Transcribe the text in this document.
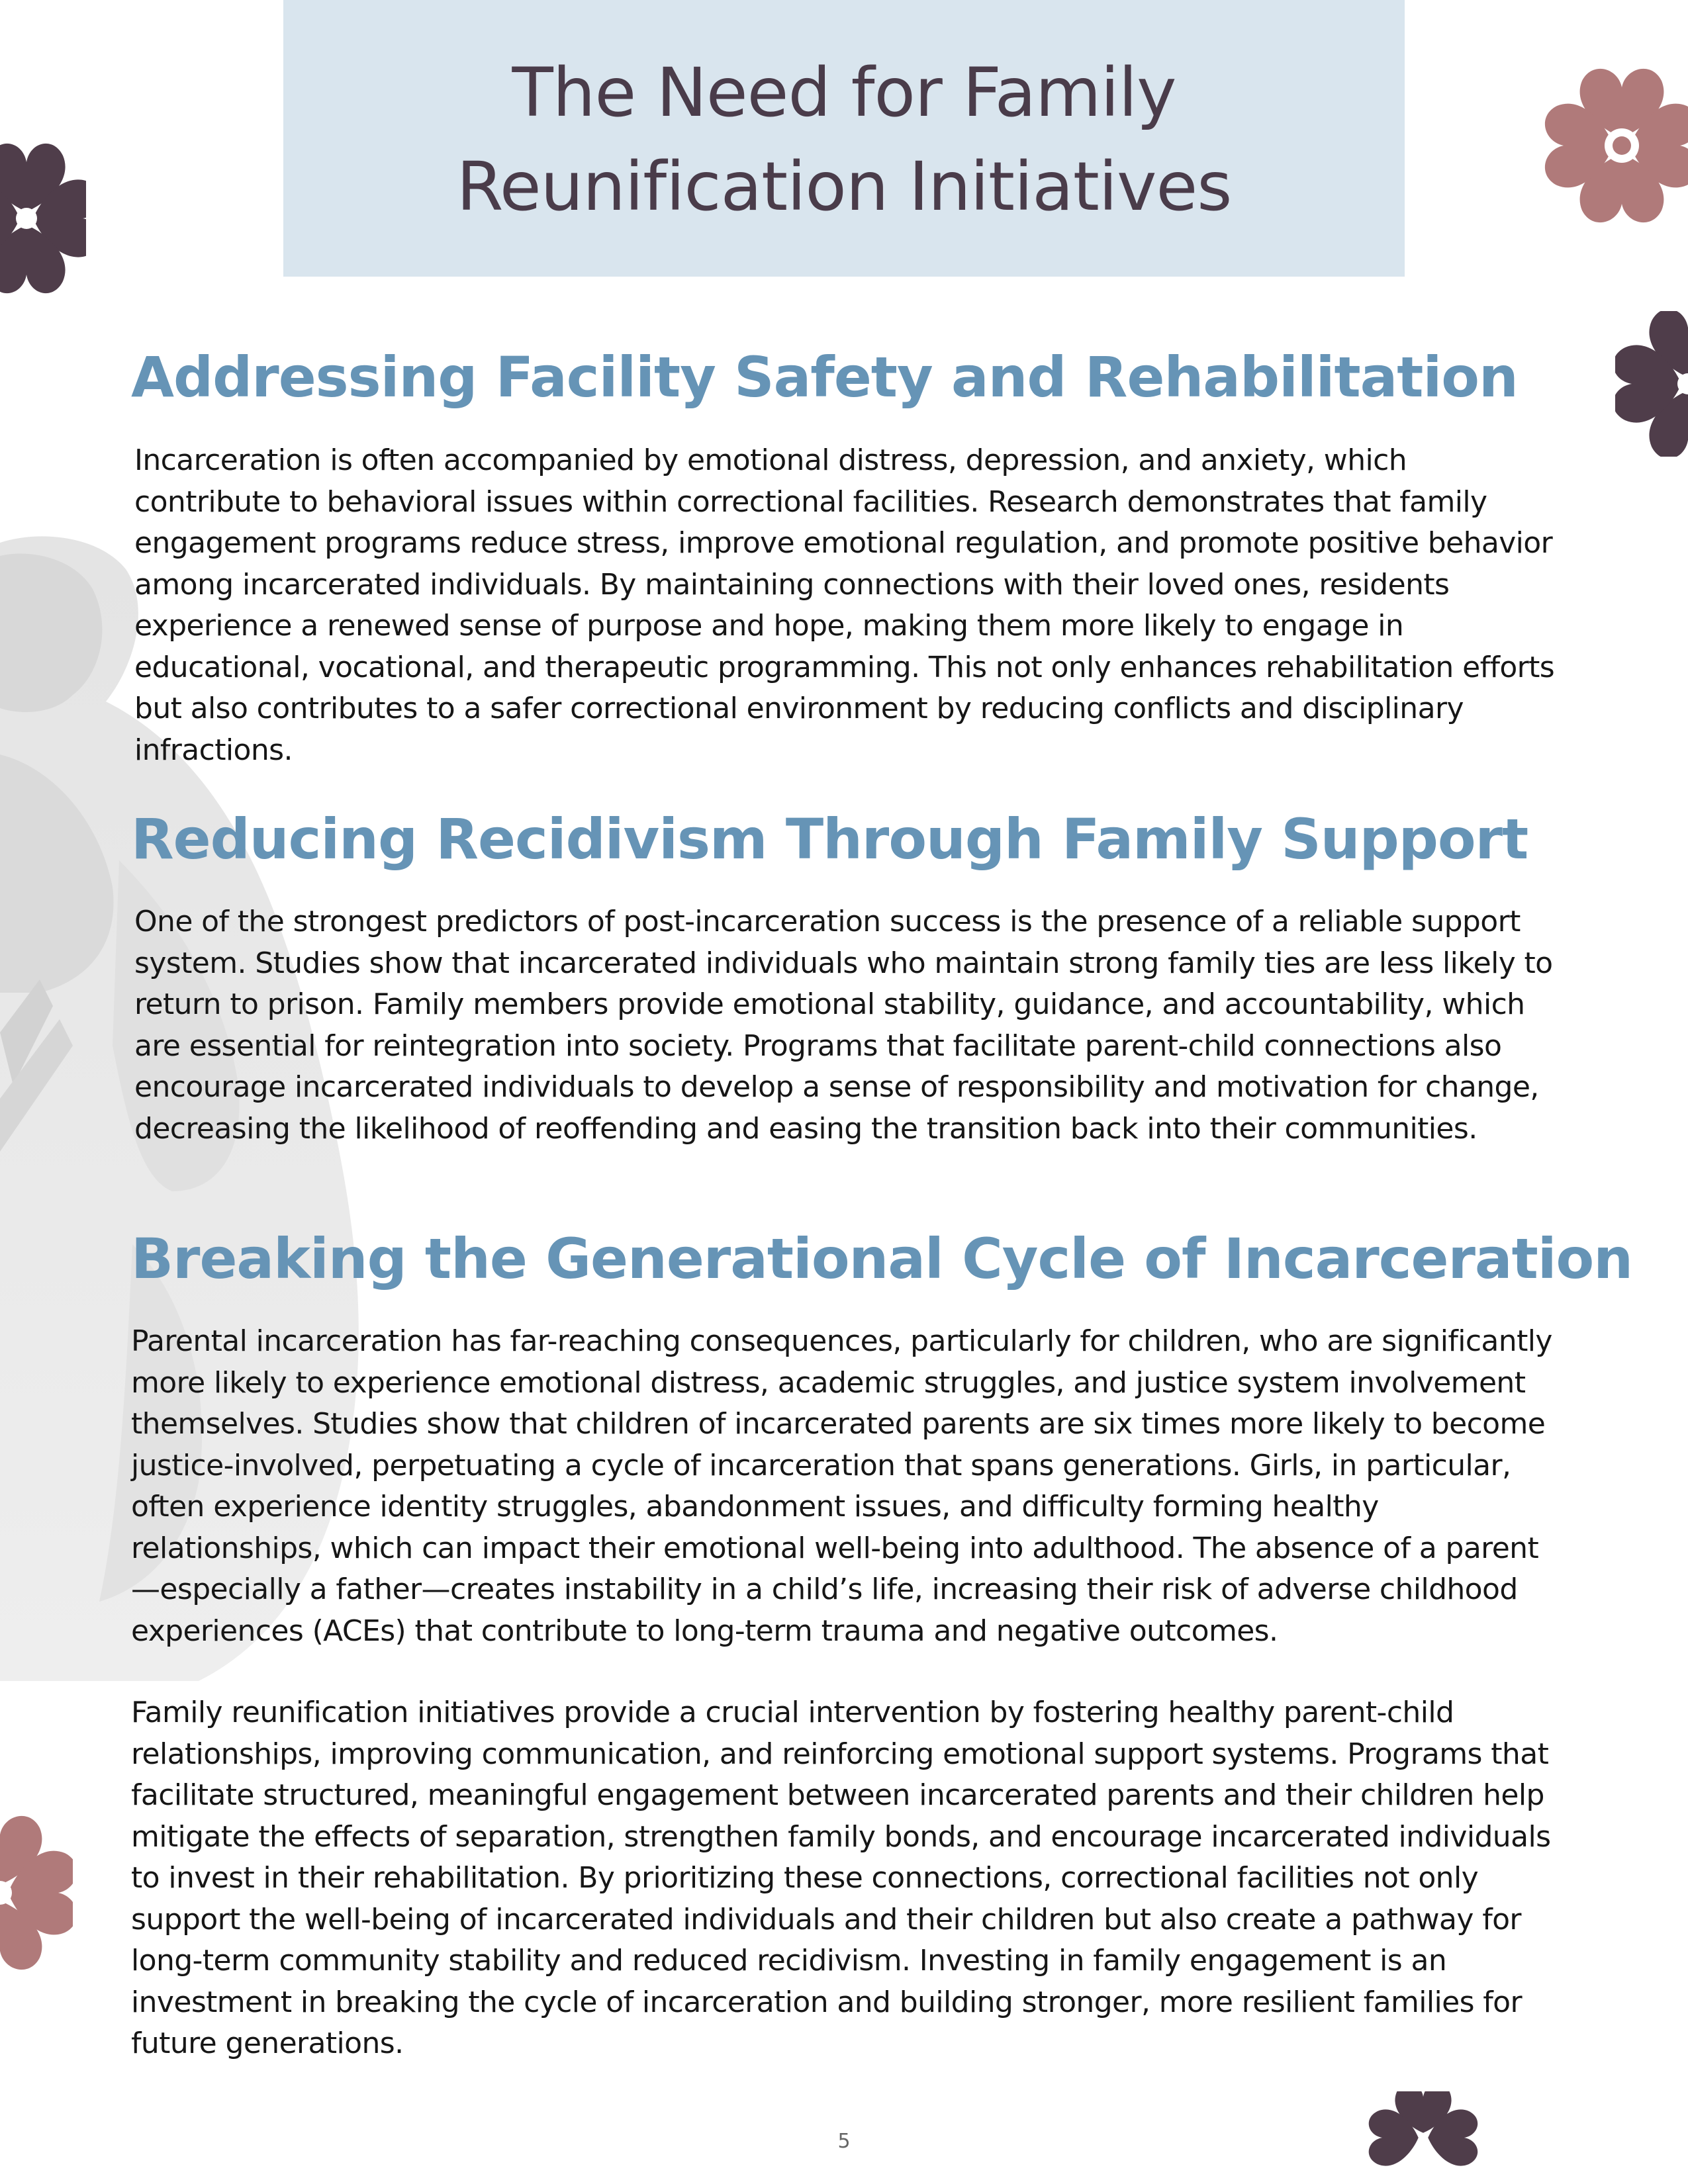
The Need for Family
Reunification Initiatives
Addressing Facility Safety and Rehabilitation

Incarceration is often accompanied by emotional distress, depression, and anxiety, which contribute to behavioral issues within correctional facilities. Research demonstrates that family engagement programs reduce stress, improve emotional regulation, and promote positive behavior among incarcerated individuals. By maintaining connections with their loved ones, residents experience a renewed sense of purpose and hope, making them more likely to engage in educational, vocational, and therapeutic programming. This not only enhances rehabilitation efforts but also contributes to a safer correctional environment by reducing conflicts and disciplinary infractions.

Reducing Recidivism Through Family Support

One of the strongest predictors of post-incarceration success is the presence of a reliable support system. Studies show that incarcerated individuals who maintain strong family ties are less likely to return to prison. Family members provide emotional stability, guidance, and accountability, which are essential for reintegration into society. Programs that facilitate parent-child connections also encourage incarcerated individuals to develop a sense of responsibility and motivation for change, decreasing the likelihood of reoffending and easing the transition back into their communities.

Breaking the Generational Cycle of Incarceration

Parental incarceration has far-reaching consequences, particularly for children, who are significantly more likely to experience emotional distress, academic struggles, and justice system involvement themselves. Studies show that children of incarcerated parents are six times more likely to become justice-involved, perpetuating a cycle of incarceration that spans generations. Girls, in particular, often experience identity struggles, abandonment issues, and difficulty forming healthy relationships, which can impact their emotional well-being into adulthood. The absence of a parent —especially a father—creates instability in a child’s life, increasing their risk of adverse childhood experiences (ACEs) that contribute to long-term trauma and negative outcomes.

Family reunification initiatives provide a crucial intervention by fostering healthy parent-child relationships, improving communication, and reinforcing emotional support systems. Programs that facilitate structured, meaningful engagement between incarcerated parents and their children help mitigate the effects of separation, strengthen family bonds, and encourage incarcerated individuals to invest in their rehabilitation. By prioritizing these connections, correctional facilities not only support the well-being of incarcerated individuals and their children but also create a pathway for long-term community stability and reduced recidivism. Investing in family engagement is an investment in breaking the cycle of incarceration and building stronger, more resilient families for future generations.

5
